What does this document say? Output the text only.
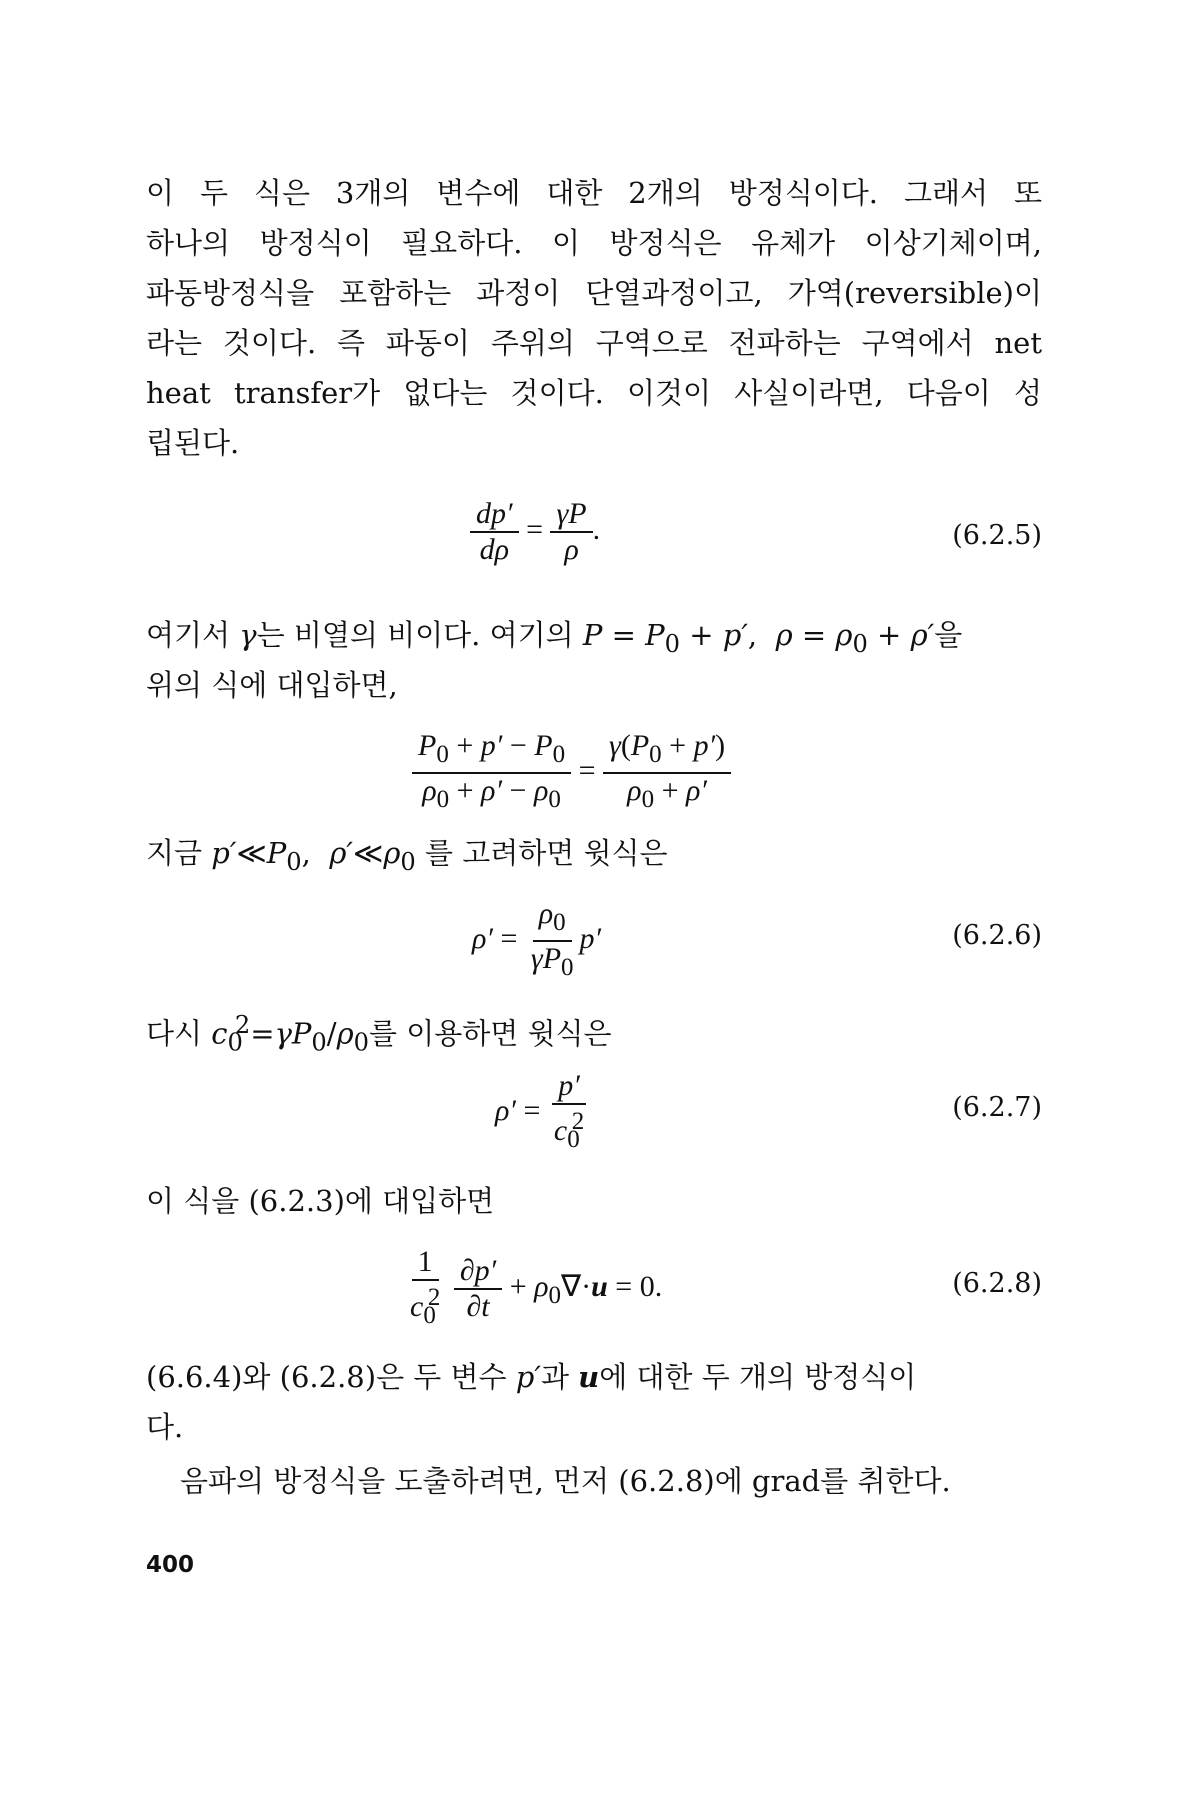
이 두 식은 3개의 변수에 대한 2개의 방정식이다. 그래서 또

하나의 방정식이 필요하다. 이 방정식은 유체가 이상기체이며,

파동방정식을 포함하는 과정이 단열과정이고, 가역(reversible)이

라는 것이다. 즉 파동이 주위의 구역으로 전파하는 구역에서 net

heat transfer가 없다는 것이다. 이것이 사실이라면, 다음이 성

립된다.

$\frac{dp'}{d\rho} = \frac{\gamma P}{\rho}$ .	(6.2.5)

여기서 γ는 비열의 비이다. 여기의 $P = P_0 + p'$,  $\rho = \rho_0 + \rho'$을

위의 식에 대입하면,

$\frac{P_0 + p' - P_0}{\rho_0 + \rho' - \rho_0} = \frac{\gamma(P_0 + p')}{\rho_0 + \rho'}$

지금 $p'≪P_0$,  $\rho'≪\rho_0$ 를 고려하면 윗식은

$\rho' = \frac{\rho_0}{\gamma P_0} p'$	(6.2.6)

다시 $c_0^2=\gamma P_0/\rho_0$를 이용하면 윗식은

$\rho' = \frac{p'}{c_0^2}$	(6.2.7)

이 식을 (6.2.3)에 대입하면

$\frac{1}{c_0^2}$
$\frac{\partial p'}{\partial t} + \rho_0\nabla\cdot u = 0$.	(6.2.8)

(6.6.4)와 (6.2.8)은 두 변수 p′과 u에 대한 두 개의 방정식이

다.

음파의 방정식을 도출하려면, 먼저 (6.2.8)에 grad를 취한다.

400
